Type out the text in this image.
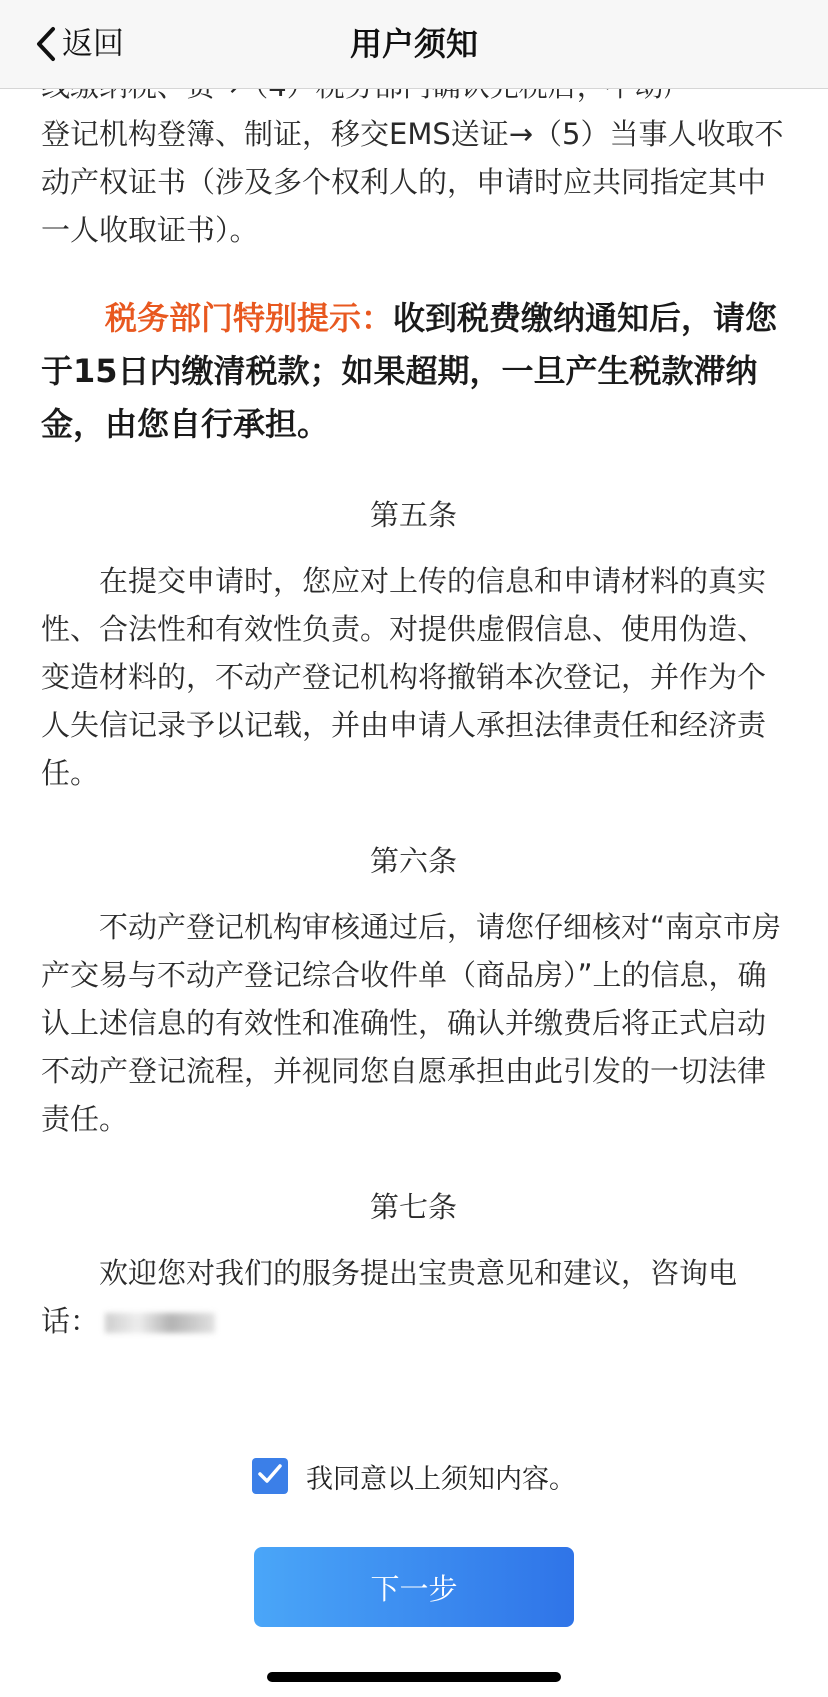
返回	用户须知

登记机构登簿、制证，移交EMS送证→（5）当事人收取不动产权证书（涉及多个权利人的，申请时应共同指定其中一人收取证书）。

税务部门特别提示：收到税费缴纳通知后，请您于15日内缴清税款；如果超期，一旦产生税款滞纳金，由您自行承担。

第五条

在提交申请时，您应对上传的信息和申请材料的真实性、合法性和有效性负责。对提供虚假信息、使用伪造、变造材料的，不动产登记机构将撤销本次登记，并作为个人失信记录予以记载，并由申请人承担法律责任和经济责任。

第六条

不动产登记机构审核通过后，请您仔细核对“南京市房产交易与不动产登记综合收件单（商品房）”上的信息，确认上述信息的有效性和准确性，确认并缴费后将正式启动不动产登记流程，并视同您自愿承担由此引发的一切法律责任。

第七条

欢迎您对我们的服务提出宝贵意见和建议，咨询电话：

我同意以上须知内容。
下一步
